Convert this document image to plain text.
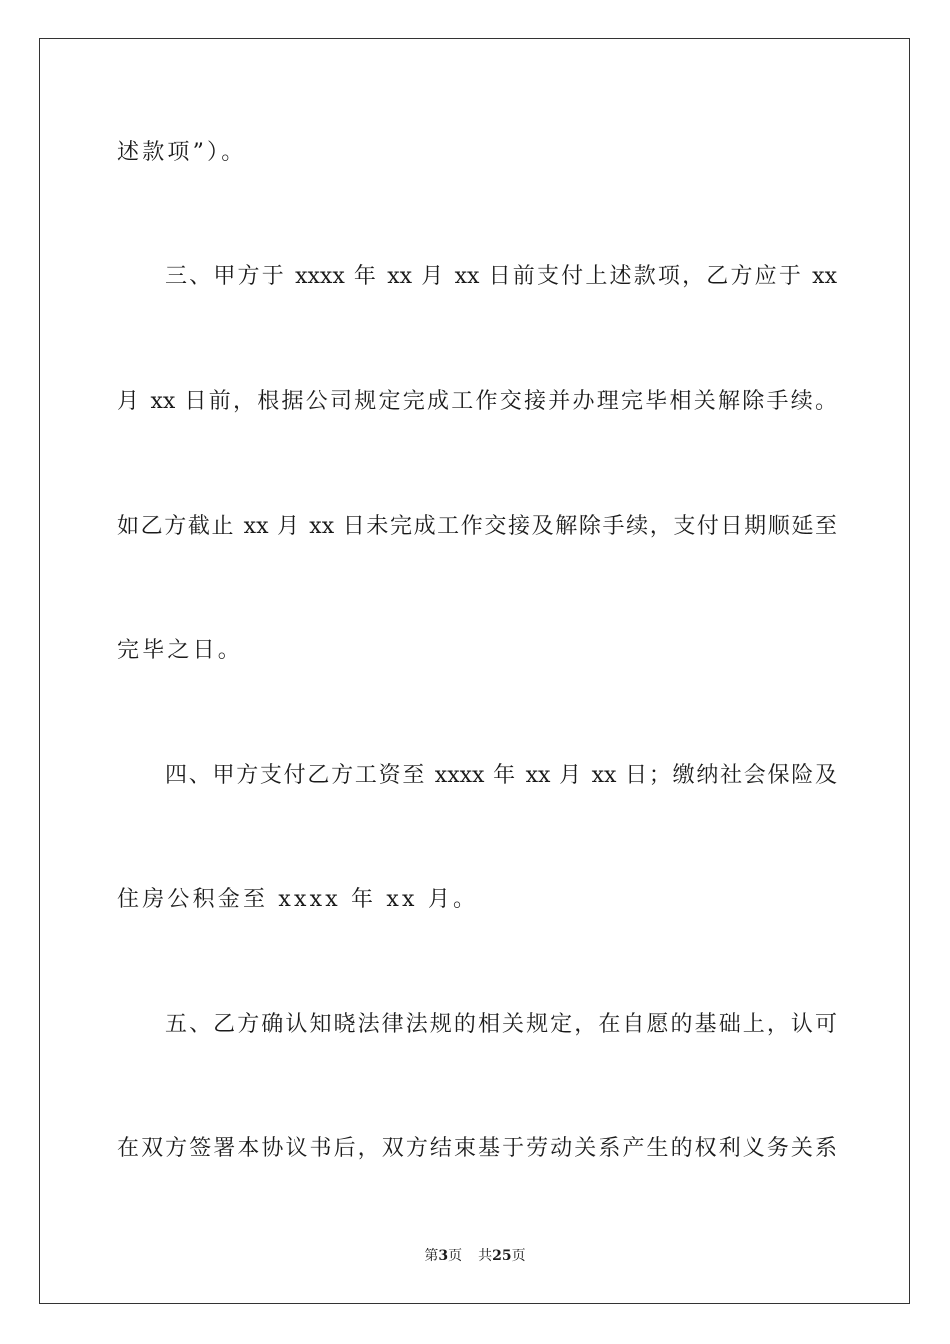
述款项”）。
三、甲方于 xxxx 年 xx 月 xx 日前支付上述款项，乙方应于 xx
月 xx 日前，根据公司规定完成工作交接并办理完毕相关解除手续。
如乙方截止 xx 月 xx 日未完成工作交接及解除手续，支付日期顺延至
完毕之日。
四、甲方支付乙方工资至 xxxx 年 xx 月 xx 日；缴纳社会保险及
住房公积金至 xxxx 年 xx 月。
五、乙方确认知晓法律法规的相关规定，在自愿的基础上，认可
在双方签署本协议书后，双方结束基于劳动关系产生的权利义务关系
第3页 共25页
